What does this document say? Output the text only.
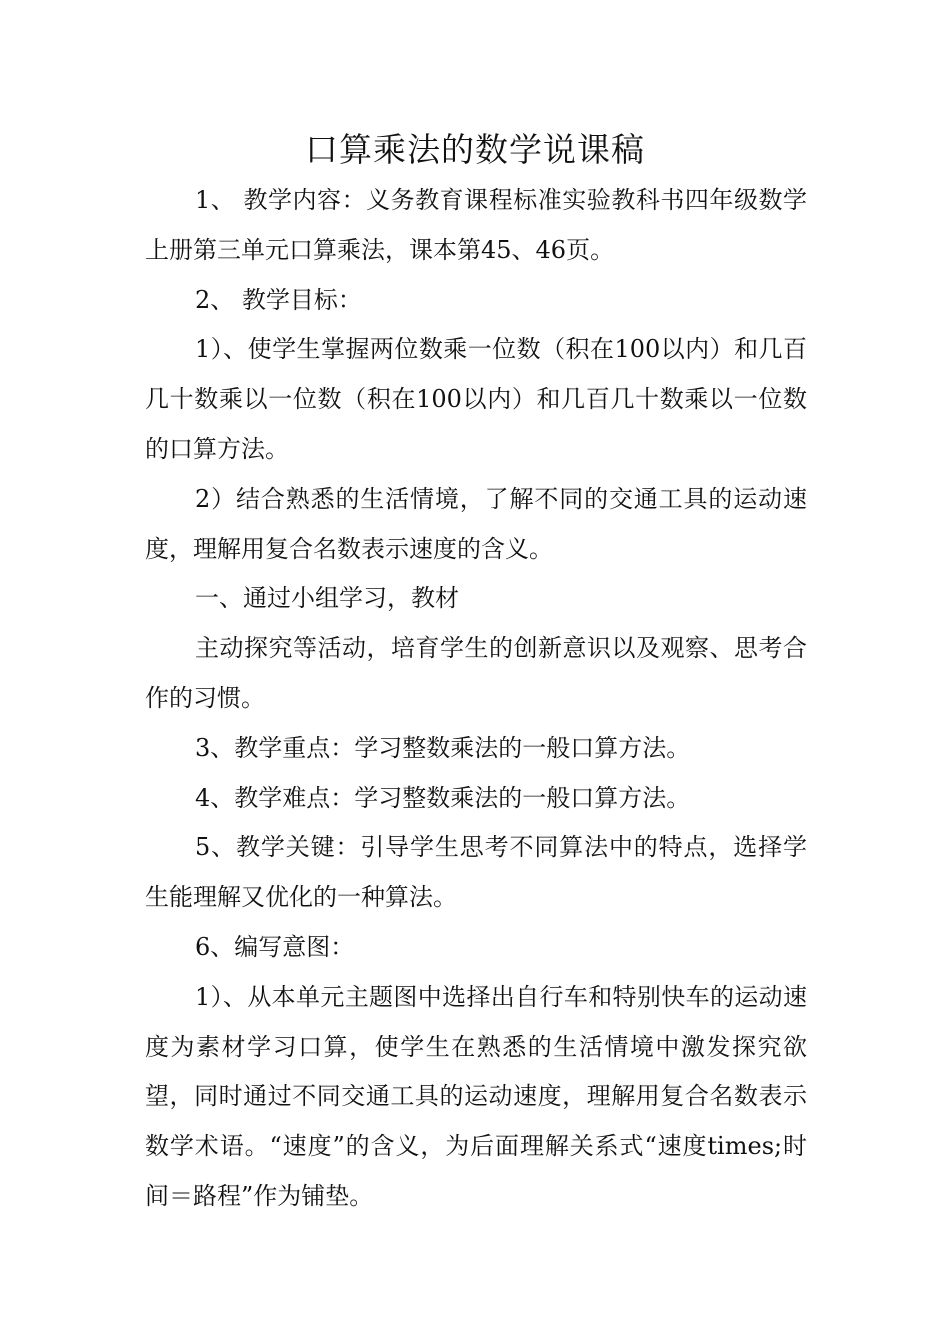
口算乘法的数学说课稿

1、 教学内容：义务教育课程标准实验教科书四年级数学上册第三单元口算乘法，课本第45、46页。

2、 教学目标：

1）、使学生掌握两位数乘一位数（积在100以内）和几百几十数乘以一位数（积在100以内）和几百几十数乘以一位数的口算方法。

2）结合熟悉的生活情境，了解不同的交通工具的运动速度，理解用复合名数表示速度的含义。

一、通过小组学习，教材

主动探究等活动，培育学生的创新意识以及观察、思考合作的习惯。

3、教学重点：学习整数乘法的一般口算方法。

4、教学难点：学习整数乘法的一般口算方法。

5、教学关键：引导学生思考不同算法中的特点，选择学生能理解又优化的一种算法。

6、编写意图：

1）、从本单元主题图中选择出自行车和特别快车的运动速度为素材学习口算，使学生在熟悉的生活情境中激发探究欲望，同时通过不同交通工具的运动速度，理解用复合名数表示数学术语。“速度”的含义，为后面理解关系式“速度times;时间＝路程”作为铺垫。
